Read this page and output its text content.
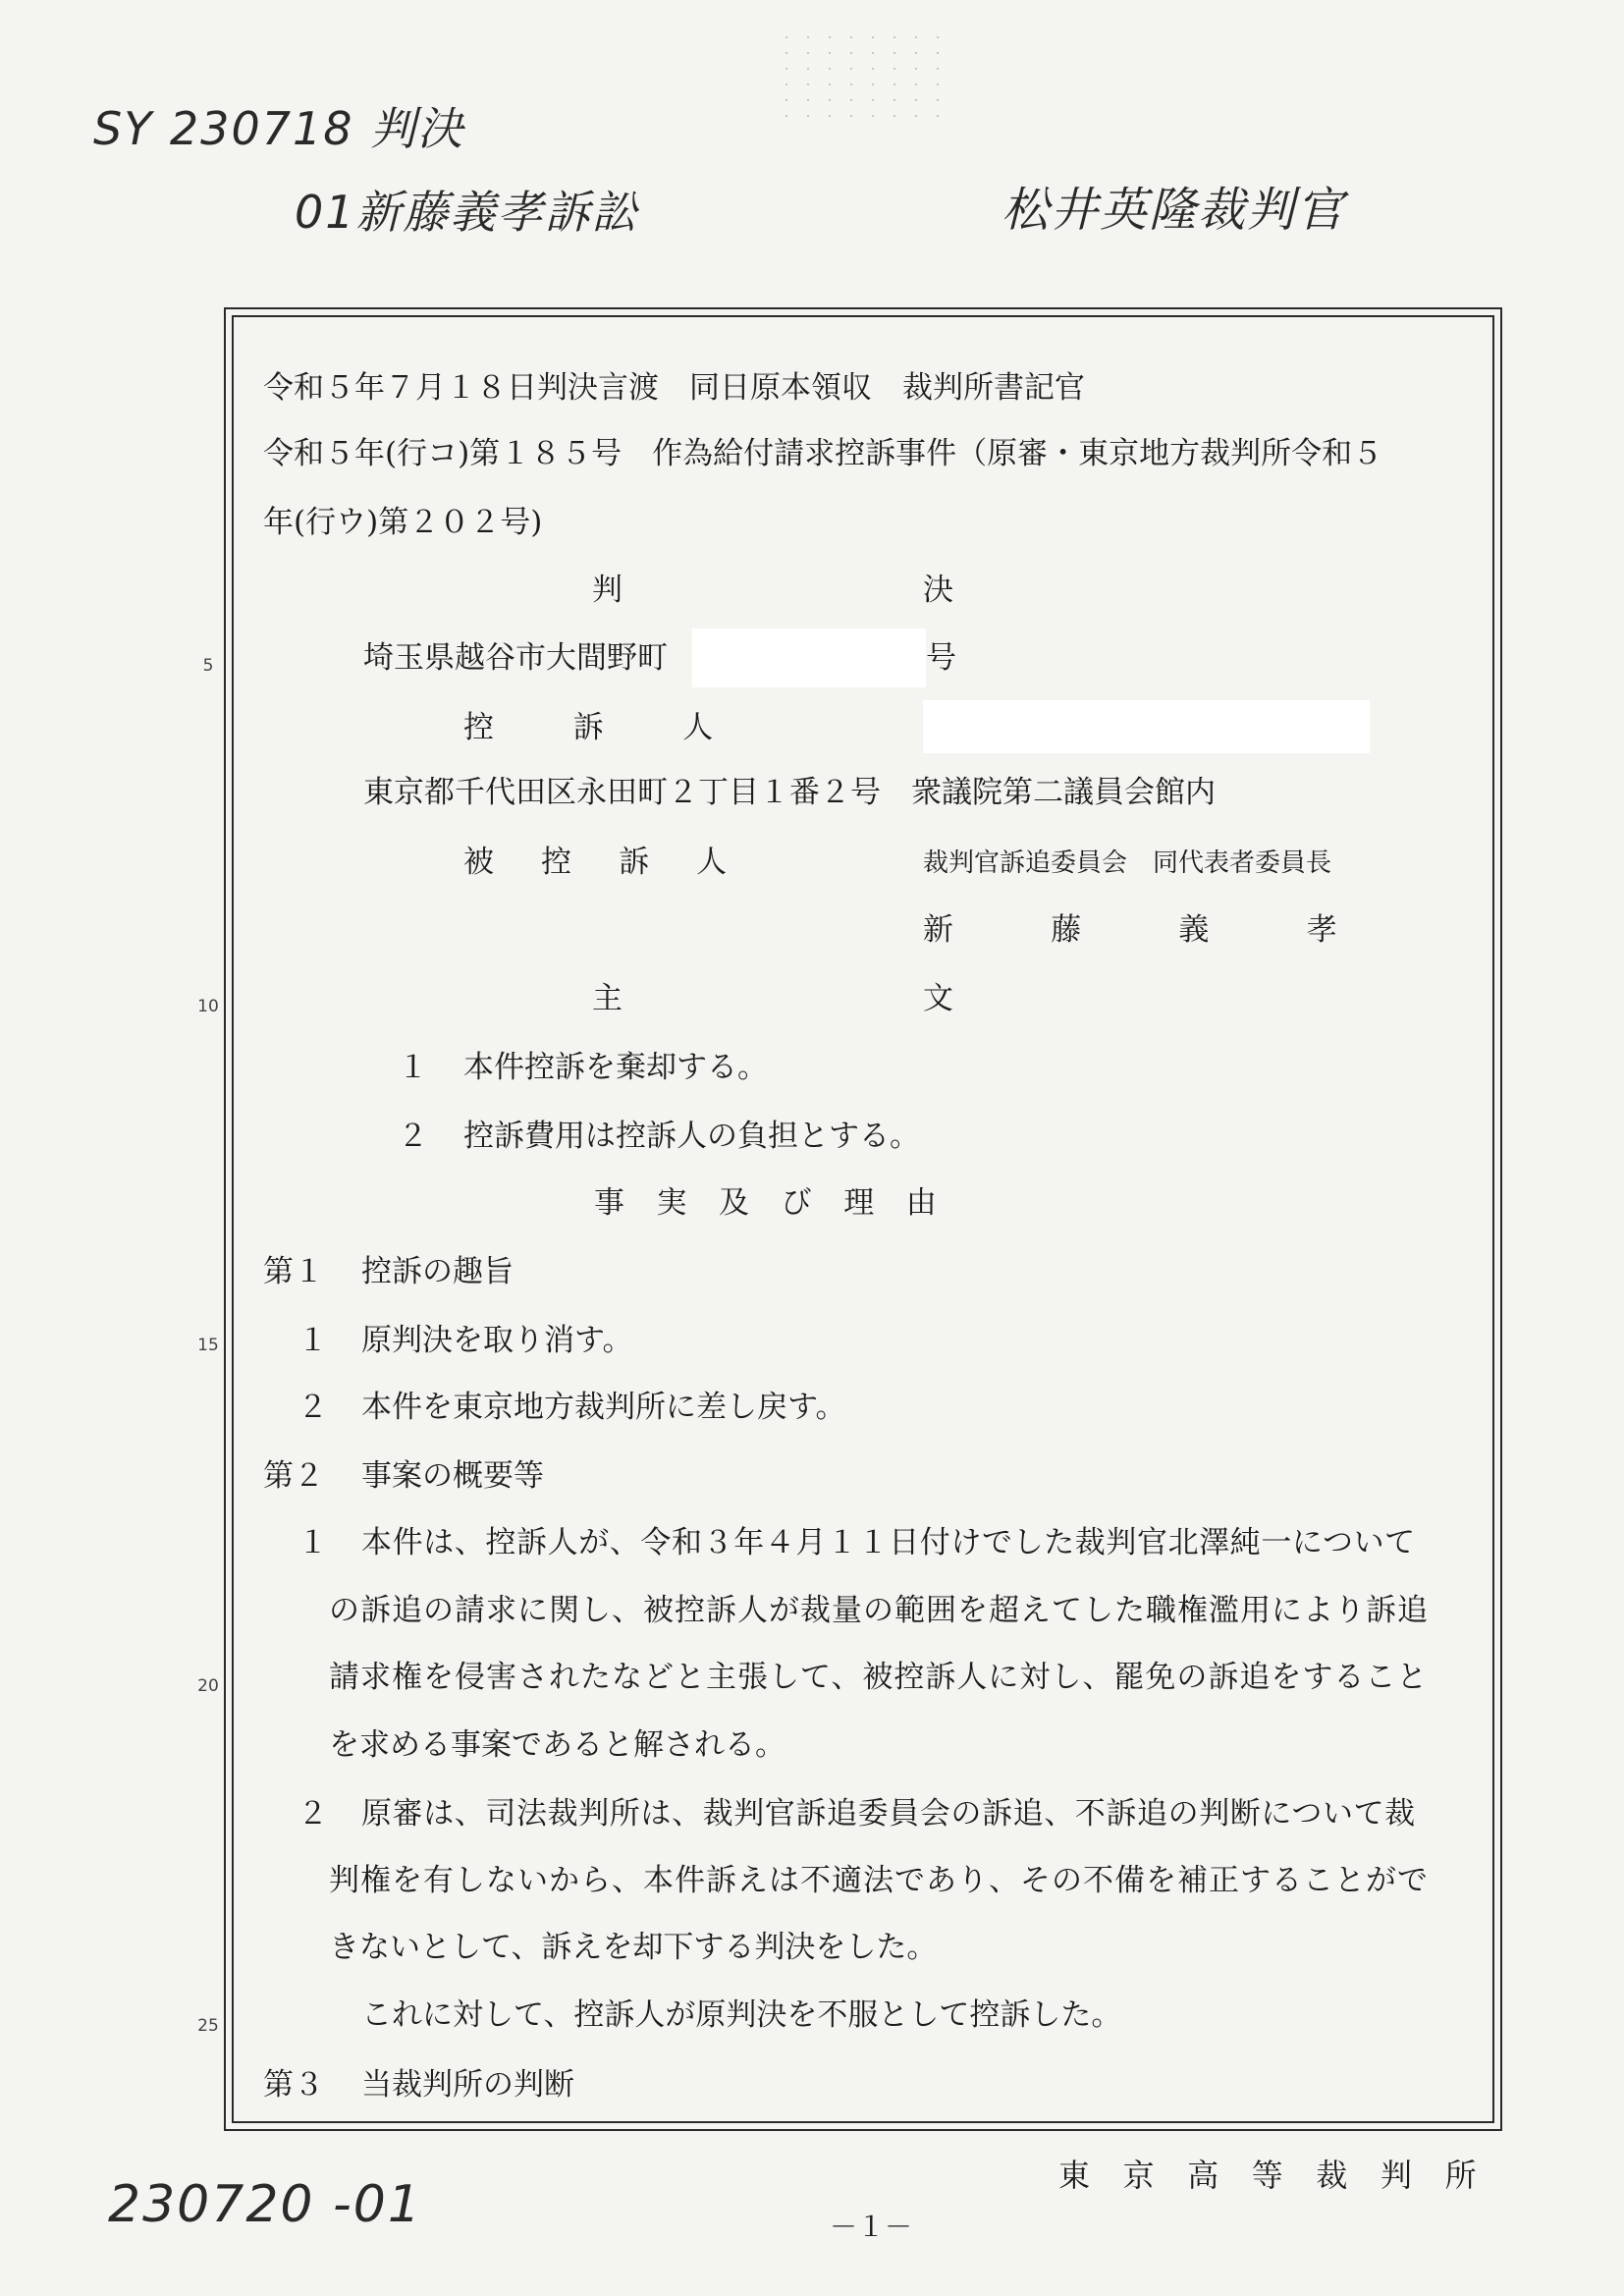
SY 230718 判決
01新藤義孝訴訟	松井英隆裁判官
230720 -01
5
10
15
20
25
令和５年７月１８日判決言渡　同日原本領収　裁判所書記官
令和５年(行コ)第１８５号　作為給付請求控訴事件（原審・東京地方裁判所令和５
年(行ウ)第２０２号)
判	決
埼玉県越谷市大間野町	号
控訴人
東京都千代田区永田町２丁目１番２号　衆議院第二議員会館内
被控訴人	裁判官訴追委員会　同代表者委員長
新藤義孝
主	文
１ 本件控訴を棄却する。
２ 控訴費用は控訴人の負担とする。
事実及び理由
第１ 控訴の趣旨
１ 原判決を取り消す。
２ 本件を東京地方裁判所に差し戻す。
第２ 事案の概要等
１ 本件は、控訴人が、令和３年４月１１日付けでした裁判官北澤純一について
の訴追の請求に関し、被控訴人が裁量の範囲を超えてした職権濫用により訴追
請求権を侵害されたなどと主張して、被控訴人に対し、罷免の訴追をすること
を求める事案であると解される。
２ 原審は、司法裁判所は、裁判官訴追委員会の訴追、不訴追の判断について裁
判権を有しないから、本件訴えは不適法であり、その不備を補正することがで
きないとして、訴えを却下する判決をした。
これに対して、控訴人が原判決を不服として控訴した。
第３ 当裁判所の判断
東京高等裁判所
－１－
